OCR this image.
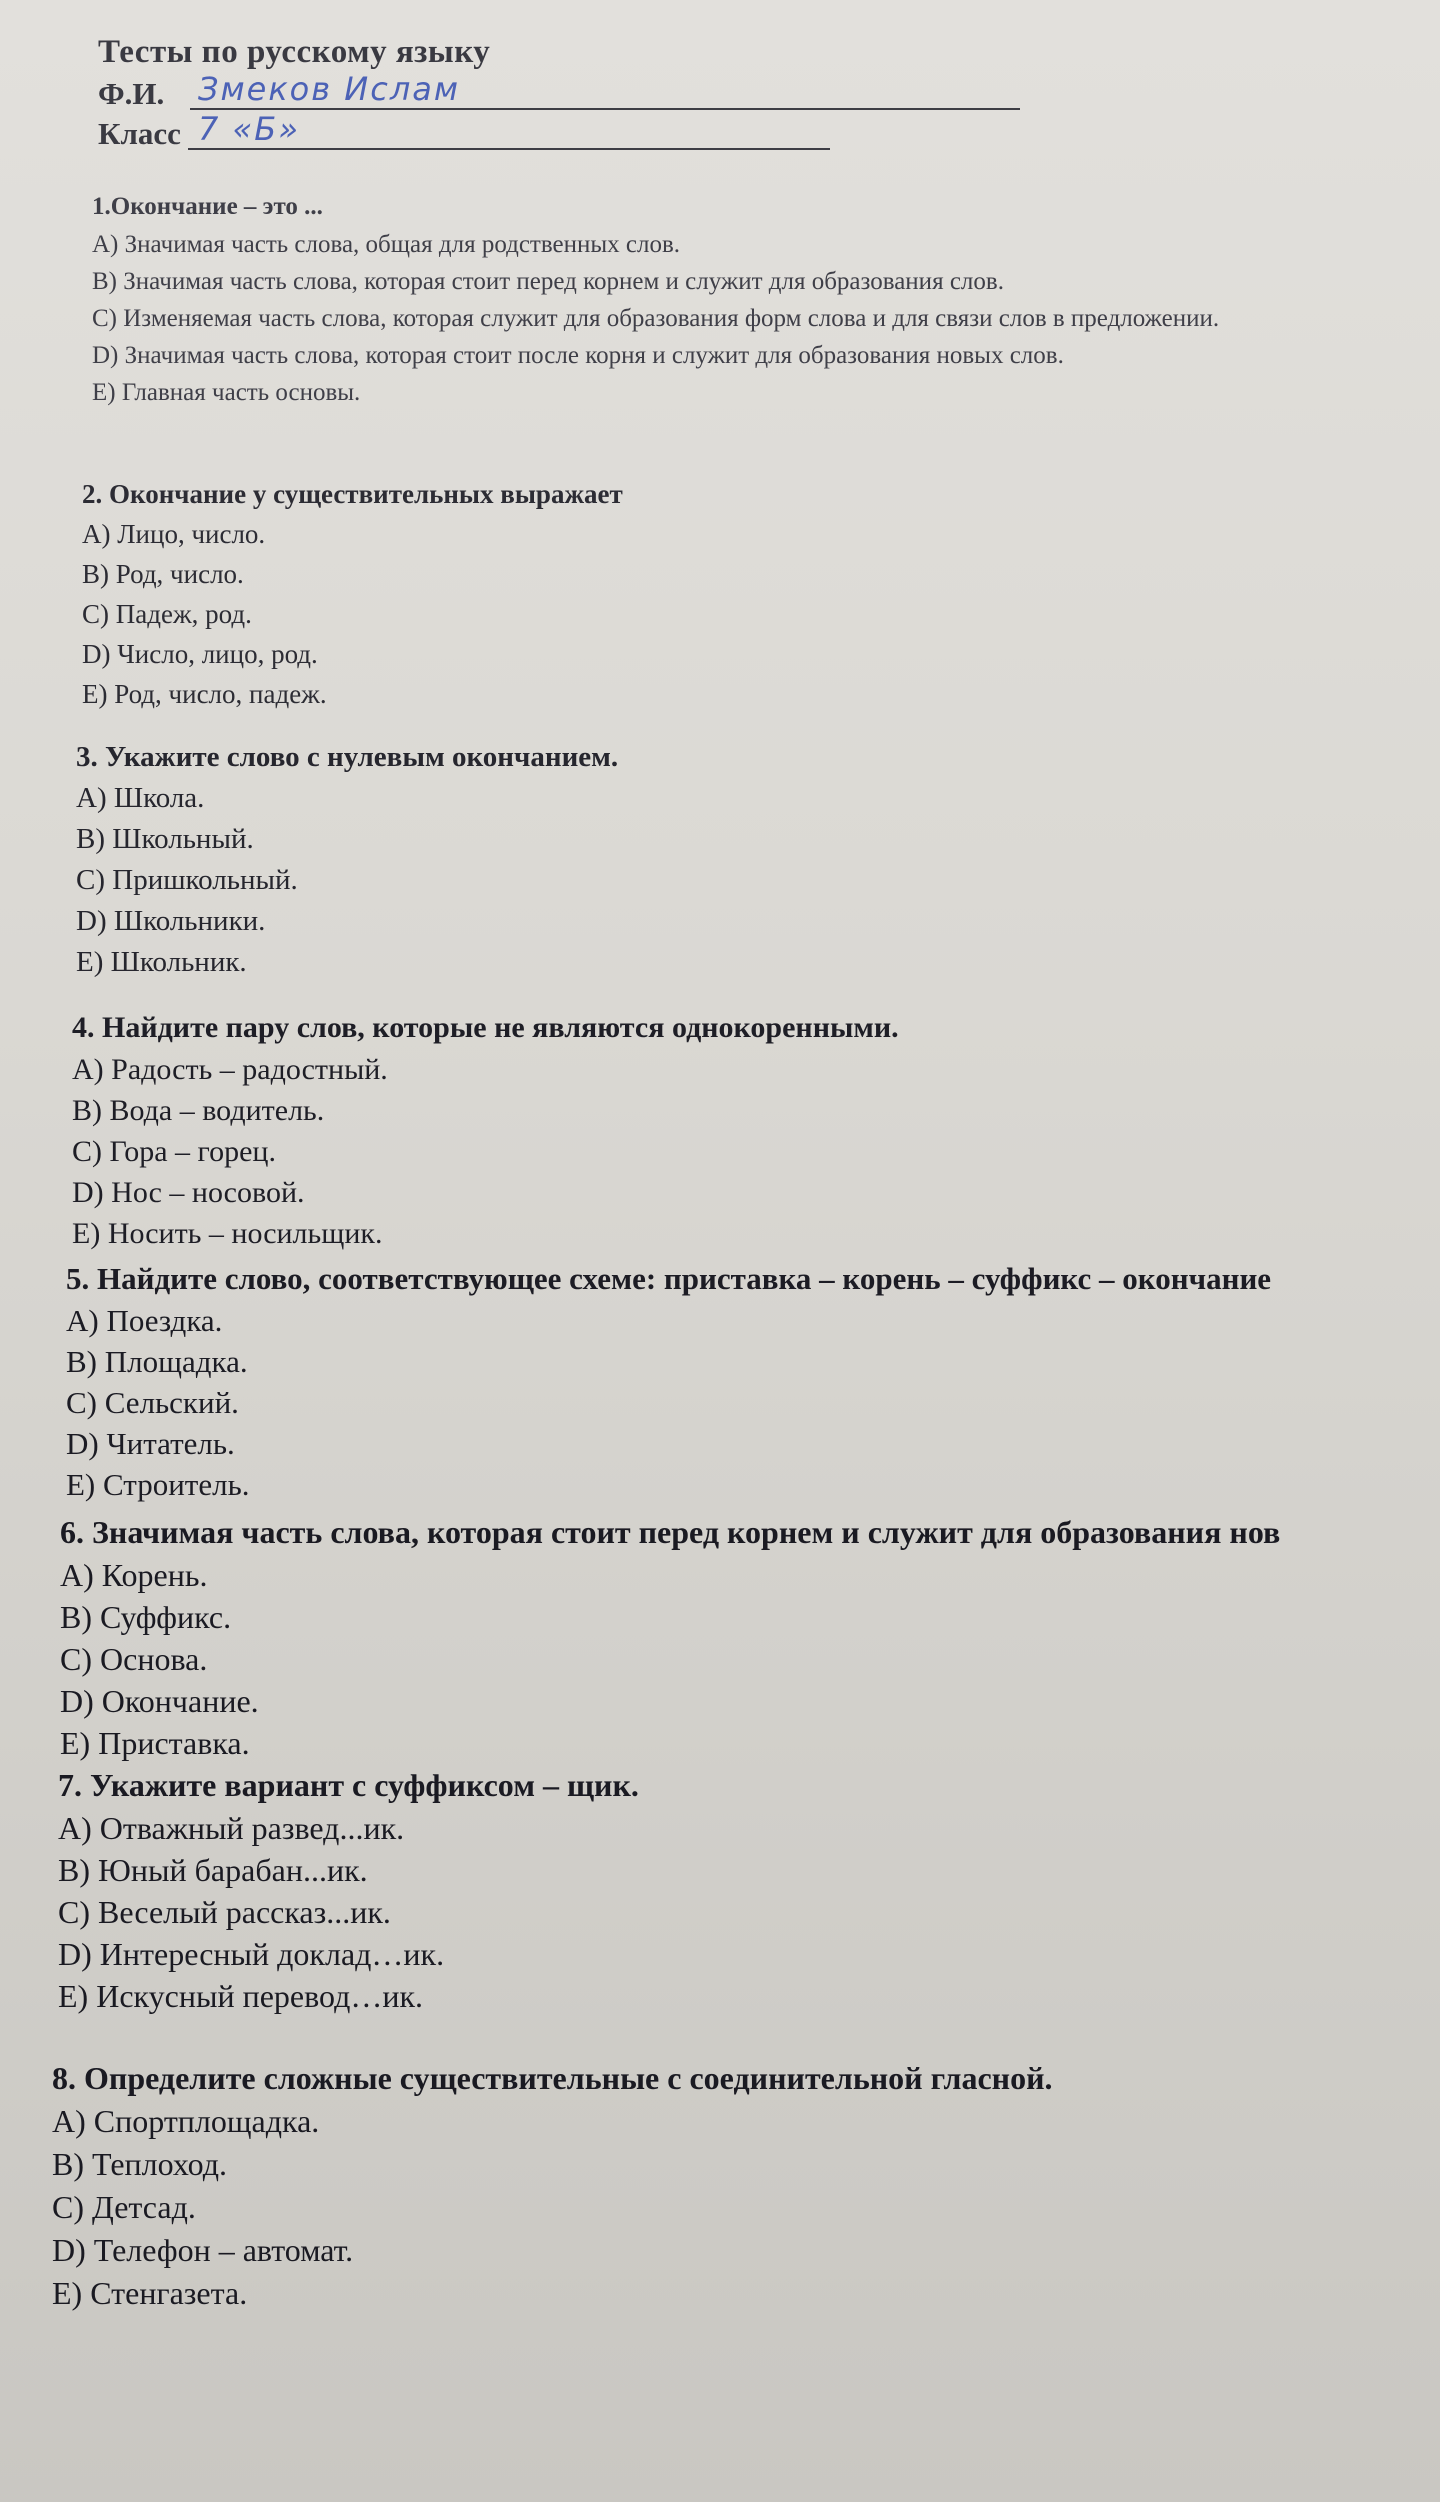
Тесты по русскому языку
Ф.И. Змеков Ислам
Класс 7 «Б»
1.Окончание – это ...
A) Значимая часть слова, общая для родственных слов.
B) Значимая часть слова, которая стоит перед корнем и служит для образования слов.
C) Изменяемая часть слова, которая служит для образования форм слова и для связи слов в предложении.
D) Значимая часть слова, которая стоит после корня и служит для образования новых слов.
E) Главная часть основы.
2. Окончание у существительных выражает
A) Лицо, число.
B) Род, число.
C) Падеж, род.
D) Число, лицо, род.
E) Род, число, падеж.
3. Укажите слово с нулевым окончанием.
A) Школа.
B) Школьный.
C) Пришкольный.
D) Школьники.
E) Школьник.
4. Найдите пару слов, которые не являются однокоренными.
A) Радость – радостный.
B) Вода – водитель.
C) Гора – горец.
D) Нос – носовой.
E) Носить – носильщик.
5. Найдите слово, соответствующее схеме: приставка – корень – суффикс – окончание
A) Поездка.
B) Площадка.
C) Сельский.
D) Читатель.
E) Строитель.
6. Значимая часть слова, которая стоит перед корнем и служит для образования нов
A) Корень.
B) Суффикс.
C) Основа.
D) Окончание.
E) Приставка.
7. Укажите вариант с суффиксом – щик.
A) Отважный развед...ик.
B) Юный барабан...ик.
C) Веселый рассказ...ик.
D) Интересный доклад…ик.
E) Искусный перевод…ик.
8. Определите сложные существительные с соединительной гласной.
A) Спортплощадка.
B) Теплоход.
C) Детсад.
D) Телефон – автомат.
E) Стенгазета.
